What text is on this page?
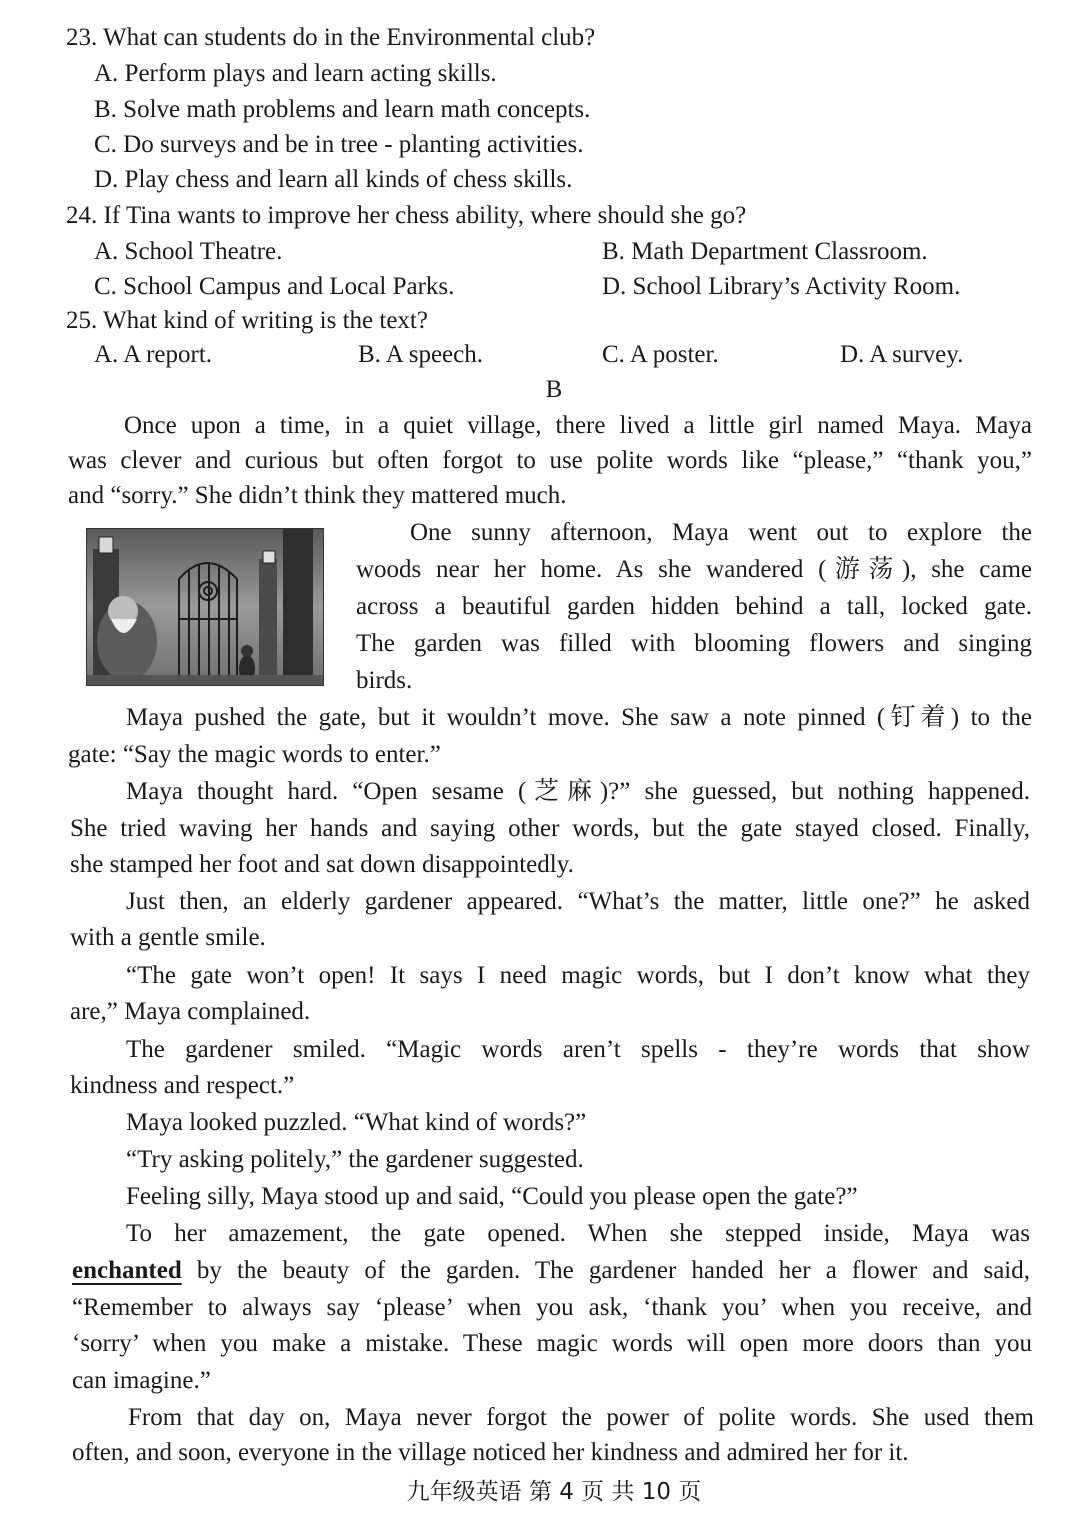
23. What can students do in the Environmental club?
A. Perform plays and learn acting skills.
B. Solve math problems and learn math concepts.
C. Do surveys and be in tree - planting activities.
D. Play chess and learn all kinds of chess skills.
24. If Tina wants to improve her chess ability, where should she go?
A. School Theatre.	B. Math Department Classroom.
C. School Campus and Local Parks.	D. School Library’s Activity Room.
25. What kind of writing is the text?
A. A report.	B. A speech.	C. A poster.	D. A survey.
B
Once upon a time, in a quiet village, there lived a little girl named Maya. Maya
was clever and curious but often forgot to use polite words like “please,” “thank you,”
and “sorry.” She didn’t think they mattered much.
One sunny afternoon, Maya went out to explore the
woods near her home. As she wandered (游荡), she came
across a beautiful garden hidden behind a tall, locked gate.
The garden was filled with blooming flowers and singing
birds.
Maya pushed the gate, but it wouldn’t move. She saw a note pinned (钉着) to the
gate: “Say the magic words to enter.”
Maya thought hard. “Open sesame (芝麻)?” she guessed, but nothing happened.
She tried waving her hands and saying other words, but the gate stayed closed. Finally,
she stamped her foot and sat down disappointedly.
Just then, an elderly gardener appeared. “What’s the matter, little one?” he asked
with a gentle smile.
“The gate won’t open! It says I need magic words, but I don’t know what they
are,” Maya complained.
The gardener smiled. “Magic words aren’t spells - they’re words that show
kindness and respect.”
Maya looked puzzled. “What kind of words?”
“Try asking politely,” the gardener suggested.
Feeling silly, Maya stood up and said, “Could you please open the gate?”
To her amazement, the gate opened. When she stepped inside, Maya was
enchanted by the beauty of the garden. The gardener handed her a flower and said,
“Remember to always say ‘please’ when you ask, ‘thank you’ when you receive, and
‘sorry’ when you make a mistake. These magic words will open more doors than you
can imagine.”
From that day on, Maya never forgot the power of polite words. She used them
often, and soon, everyone in the village noticed her kindness and admired her for it.
九年级英语 第 4 页 共 10 页
